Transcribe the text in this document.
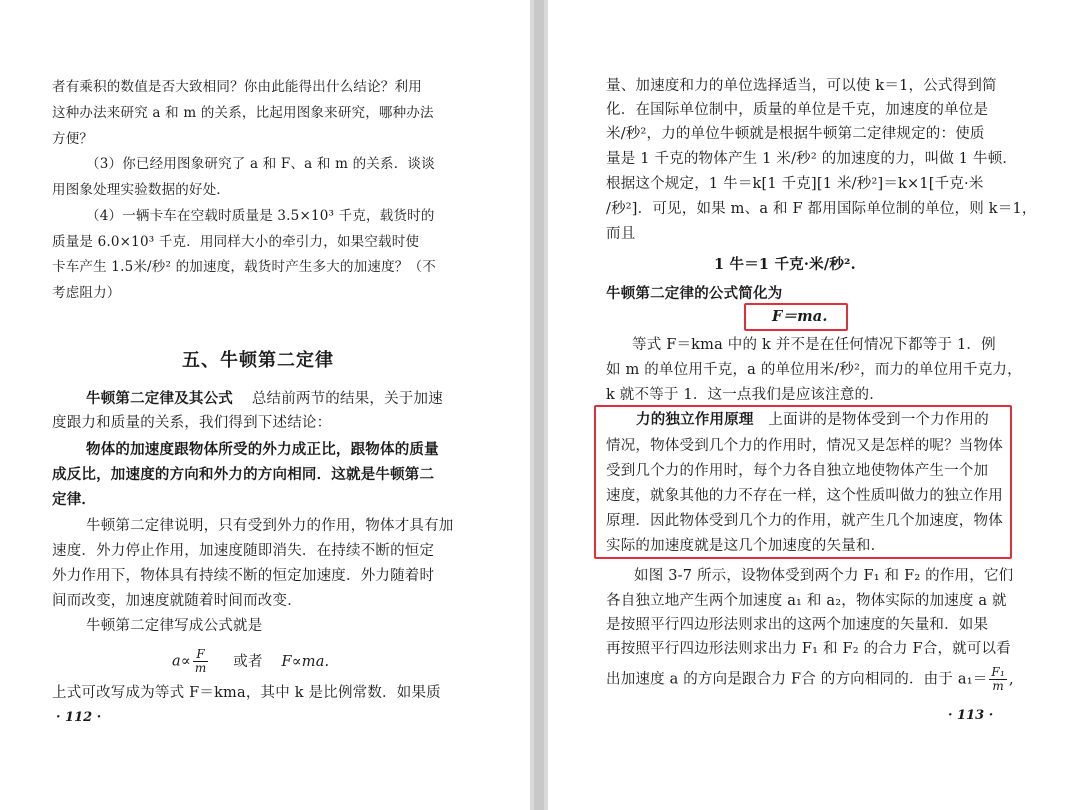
者有乘积的数值是否大致相同？你由此能得出什么结论？利用
这种办法来研究 a 和 m 的关系，比起用图象来研究，哪种办法
方便？
（3）你已经用图象研究了 a 和 F、a 和 m 的关系．谈谈
用图象处理实验数据的好处．
（4）一辆卡车在空载时质量是 3.5×10³ 千克，载货时的
质量是 6.0×10³ 千克．用同样大小的牵引力，如果空载时使
卡车产生 1.5米/秒² 的加速度，载货时产生多大的加速度？（不
考虑阻力）
五、牛顿第二定律
牛顿第二定律及其公式 总结前两节的结果，关于加速
度跟力和质量的关系，我们得到下述结论：
物体的加速度跟物体所受的外力成正比，跟物体的质量
成反比，加速度的方向和外力的方向相同．这就是牛顿第二
定律．
牛顿第二定律说明，只有受到外力的作用，物体才具有加
速度．外力停止作用，加速度随即消失．在持续不断的恒定
外力作用下，物体具有持续不断的恒定加速度．外力随着时
间而改变，加速度就随着时间而改变．
牛顿第二定律写成公式就是
$a\propto \frac{F}{m}$ 或者 F∝ma.
上式可改写成为等式 F＝kma，其中 k 是比例常数．如果质
· 112 ·
量、加速度和力的单位选择适当，可以使 k＝1，公式得到简
化．在国际单位制中，质量的单位是千克，加速度的单位是
米/秒²，力的单位牛顿就是根据牛顿第二定律规定的：使质
量是 1 千克的物体产生 1 米/秒² 的加速度的力，叫做 1 牛顿．
根据这个规定，1 牛＝k[1 千克][1 米/秒²]＝k×1[千克·米
/秒²]．可见，如果 m、a 和 F 都用国际单位制的单位，则 k＝1，
而且
1 牛＝1 千克·米/秒².
牛顿第二定律的公式简化为
F＝ma.
等式 F＝kma 中的 k 并不是在任何情况下都等于 1．例
如 m 的单位用千克，a 的单位用米/秒²，而力的单位用千克力，
k 就不等于 1．这一点我们是应该注意的．
力的独立作用原理 上面讲的是物体受到一个力作用的
情况，物体受到几个力的作用时，情况又是怎样的呢？当物体
受到几个力的作用时，每个力各自独立地使物体产生一个加
速度，就象其他的力不存在一样，这个性质叫做力的独立作用
原理．因此物体受到几个力的作用，就产生几个加速度，物体
实际的加速度就是这几个加速度的矢量和．
如图 3-7 所示，设物体受到两个力 F₁ 和 F₂ 的作用，它们
各自独立地产生两个加速度 a₁ 和 a₂，物体实际的加速度 a 就
是按照平行四边形法则求出的这两个加速度的矢量和．如果
再按照平行四边形法则求出力 F₁ 和 F₂ 的合力 F合，就可以看
出加速度 a 的方向是跟合力 F合 的方向相同的．由于 $a_1= \frac{\text{F₁}}{m}$ ,
· 113 ·
